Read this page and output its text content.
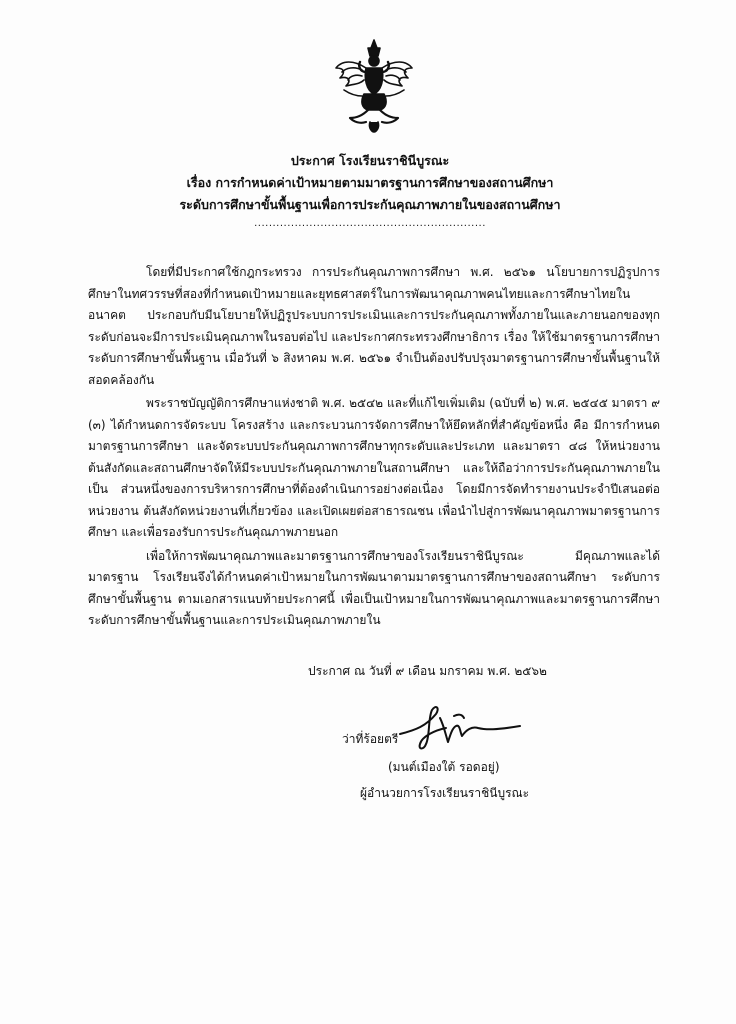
ประกาศ โรงเรียนราชินีบูรณะ
เรื่อง การกำหนดค่าเป้าหมายตามมาตรฐานการศึกษาของสถานศึกษา
ระดับการศึกษาขั้นพื้นฐานเพื่อการประกันคุณภาพภายในของสถานศึกษา
...............................................................

โดยที่มีประกาศใช้กฎกระทรวง การประกันคุณภาพการศึกษา พ.ศ. ๒๕๖๑ นโยบายการปฏิรูปการศึกษาในทศวรรษที่สองที่กำหนดเป้าหมายและยุทธศาสตร์ในการพัฒนาคุณภาพคนไทยและการศึกษาไทยในอนาคต ประกอบกับมีนโยบายให้ปฏิรูประบบการประเมินและการประกันคุณภาพทั้งภายในและภายนอกของทุกระดับก่อนจะมีการประเมินคุณภาพในรอบต่อไป และประกาศกระทรวงศึกษาธิการ เรื่อง ให้ใช้มาตรฐานการศึกษา ระดับการศึกษาขั้นพื้นฐาน เมื่อวันที่ ๖ สิงหาคม พ.ศ. ๒๕๖๑ จำเป็นต้องปรับปรุงมาตรฐานการศึกษาขั้นพื้นฐานให้สอดคล้องกัน

พระราชบัญญัติการศึกษาแห่งชาติ พ.ศ. ๒๕๔๒ และที่แก้ไขเพิ่มเติม (ฉบับที่ ๒) พ.ศ. ๒๕๔๕ มาตรา ๙ (๓) ได้กำหนดการจัดระบบ โครงสร้าง และกระบวนการจัดการศึกษาให้ยึดหลักที่สำคัญข้อหนึ่ง คือ มีการกำหนด มาตรฐานการศึกษา และจัดระบบประกันคุณภาพการศึกษาทุกระดับและประเภท และมาตรา ๔๘ ให้หน่วยงาน ต้นสังกัดและสถานศึกษาจัดให้มีระบบประกันคุณภาพภายในสถานศึกษา และให้ถือว่าการประกันคุณภาพภายในเป็น ส่วนหนึ่งของการบริหารการศึกษาที่ต้องดำเนินการอย่างต่อเนื่อง โดยมีการจัดทำรายงานประจำปีเสนอต่อหน่วยงาน ต้นสังกัดหน่วยงานที่เกี่ยวข้อง และเปิดเผยต่อสาธารณชน เพื่อนำไปสู่การพัฒนาคุณภาพมาตรฐานการศึกษา และเพื่อรองรับการประกันคุณภาพภายนอก

เพื่อให้การพัฒนาคุณภาพและมาตรฐานการศึกษาของโรงเรียนราชินีบูรณะ มีคุณภาพและได้มาตรฐาน โรงเรียนจึงได้กำหนดค่าเป้าหมายในการพัฒนาตามมาตรฐานการศึกษาของสถานศึกษา ระดับการศึกษาขั้นพื้นฐาน ตามเอกสารแนบท้ายประกาศนี้ เพื่อเป็นเป้าหมายในการพัฒนาคุณภาพและมาตรฐานการศึกษา ระดับการศึกษาขั้นพื้นฐานและการประเมินคุณภาพภายใน

ประกาศ ณ วันที่ ๙ เดือน มกราคม พ.ศ. ๒๕๖๒
ว่าที่ร้อยตรี
(มนต์เมืองใต้ รอดอยู่)
ผู้อำนวยการโรงเรียนราชินีบูรณะ
